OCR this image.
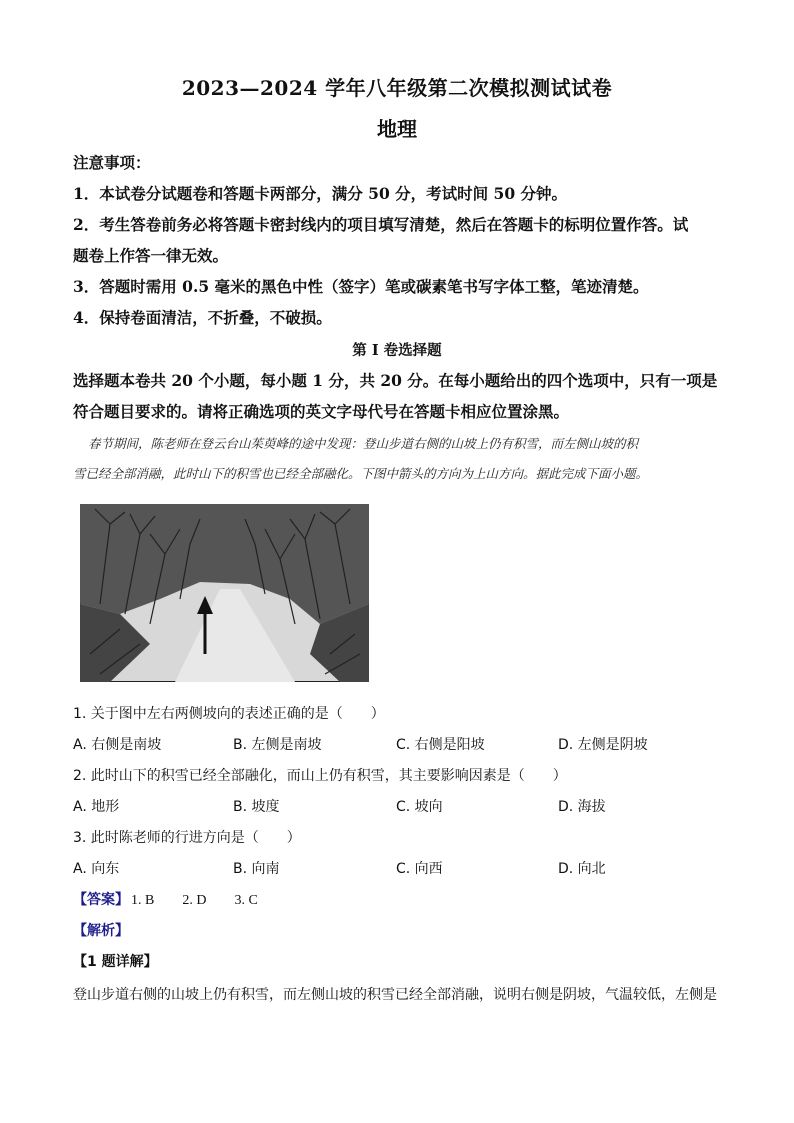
2023—2024 学年八年级第二次模拟测试试卷
地理
注意事项：
1．本试卷分试题卷和答题卡两部分，满分 50 分，考试时间 50 分钟。
2．考生答卷前务必将答题卡密封线内的项目填写清楚，然后在答题卡的标明位置作答。试
题卷上作答一律无效。
3．答题时需用 0.5 毫米的黑色中性（签字）笔或碳素笔书写字体工整，笔迹清楚。
4．保持卷面清洁，不折叠，不破损。
第 I 卷选择题
选择题本卷共 20 个小题，每小题 1 分，共 20 分。在每小题给出的四个选项中，只有一项是
符合题目要求的。请将正确选项的英文字母代号在答题卡相应位置涂黑。
春节期间，陈老师在登云台山茱萸峰的途中发现：登山步道右侧的山坡上仍有积雪，而左侧山坡的积
雪已经全部消融，此时山下的积雪也已经全部融化。下图中箭头的方向为上山方向。据此完成下面小题。
1. 关于图中左右两侧坡向的表述正确的是（　　）
A. 右侧是南坡	B. 左侧是南坡	C. 右侧是阳坡	D. 左侧是阴坡
2. 此时山下的积雪已经全部融化，而山上仍有积雪，其主要影响因素是（　　）
A. 地形	B. 坡度	C. 坡向	D. 海拔
3. 此时陈老师的行进方向是（　　）
A. 向东	B. 向南	C. 向西	D. 向北
【答案】 1. B　　2. D　　3. C
【解析】
【1 题详解】
登山步道右侧的山坡上仍有积雪，而左侧山坡的积雪已经全部消融，说明右侧是阴坡，气温较低，左侧是
